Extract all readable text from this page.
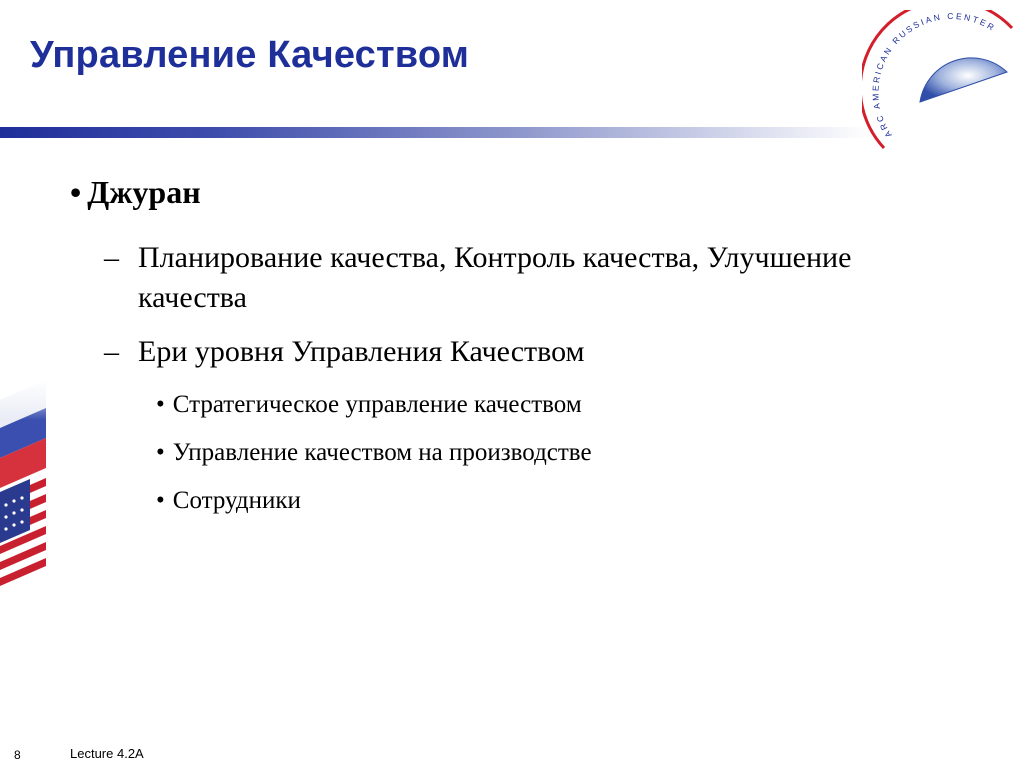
Управление Качеством
ARC AMERICAN RUSSIAN CENTER
• Джуран
– Планирование качества, Контроль качества, Улучшение качества
– Ери уровня Управления Качеством
• Стратегическое управление качеством
• Управление качеством на производстве
• Сотрудники
8	Lecture 4.2A
